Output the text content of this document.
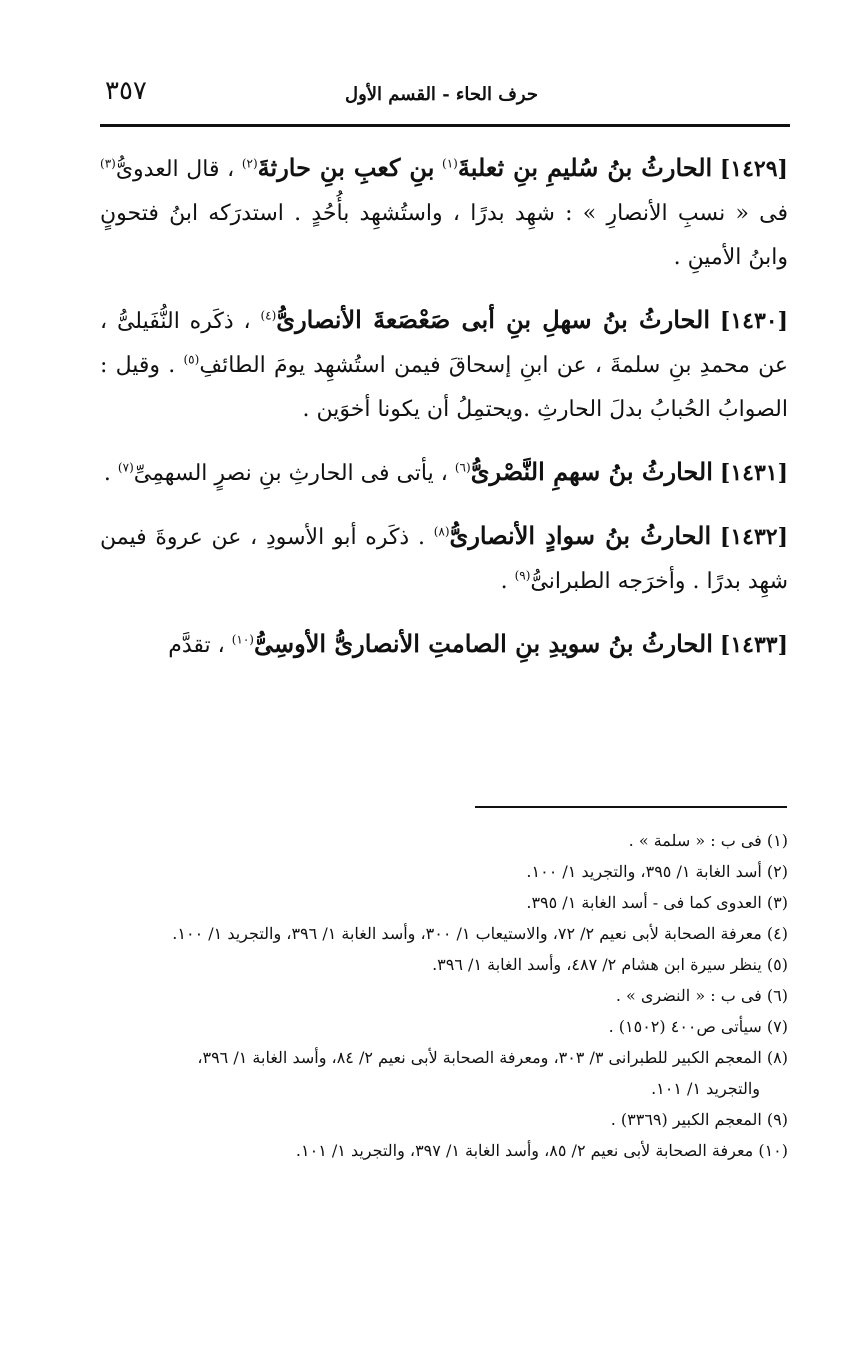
٣٥٧	حرف الحاء - القسم الأول

[١٤٢٩] الحارثُ بنُ سُليمِ بنِ ثعلبةَ$^{(١)}$ بنِ كعبِ بنِ حارثةَ$^{(٢)}$ ، قال العدوىُّ$^{(٣)}$ فى « نسبِ الأنصارِ » : شهِد بدرًا ، واستُشهِد بأُحُدٍ . استدرَكه ابنُ فتحونٍ وابنُ الأمينِ .

[١٤٣٠] الحارثُ بنُ سهلِ بنِ أبى صَعْصَعةَ الأنصارىُّ$^{(٤)}$ ، ذكَره النُّفَيلىُّ ، عن محمدِ بنِ سلمةَ ، عن ابنِ إسحاقَ فيمن استُشهِد يومَ الطائفِ$^{(٥)}$ . وقيل : الصوابُ الحُبابُ بدلَ الحارثِ .ويحتمِلُ أن يكونا أخوَين .

[١٤٣١] الحارثُ بنُ سهمِ النَّصْرىُّ$^{(٦)}$ ، يأتى فى الحارثِ بنِ نصرٍ السهمِىِّ$^{(٧)}$ .

[١٤٣٢] الحارثُ بنُ سوادٍ الأنصارىُّ$^{(٨)}$ . ذكَره أبو الأسودِ ، عن عروةَ فيمن شهِد بدرًا . وأخرَجه الطبرانىُّ$^{(٩)}$ .

[١٤٣٣] الحارثُ بنُ سويدِ بنِ الصامتِ الأنصارىُّ الأوسِىُّ$^{(١٠)}$ ، تقدَّم

(١) فى ب : « سلمة » .

(٢) أسد الغابة ١/ ٣٩٥، والتجريد ١/ ١٠٠.

(٣) العدوى كما فى - أسد الغابة ١/ ٣٩٥.

(٤) معرفة الصحابة لأبى نعيم ٢/ ٧٢، والاستيعاب ١/ ٣٠٠، وأسد الغابة ١/ ٣٩٦، والتجريد ١/ ١٠٠.

(٥) ينظر سيرة ابن هشام ٢/ ٤٨٧، وأسد الغابة ١/ ٣٩٦.

(٦) فى ب : « النضرى » .

(٧) سيأتى ص٤٠٠ (١٥٠٢) .

(٨) المعجم الكبير للطبرانى ٣/ ٣٠٣، ومعرفة الصحابة لأبى نعيم ٢/ ٨٤، وأسد الغابة ١/ ٣٩٦،

والتجريد ١/ ١٠١.

(٩) المعجم الكبير (٣٣٦٩) .

(١٠) معرفة الصحابة لأبى نعيم ٢/ ٨٥، وأسد الغابة ١/ ٣٩٧، والتجريد ١/ ١٠١.
